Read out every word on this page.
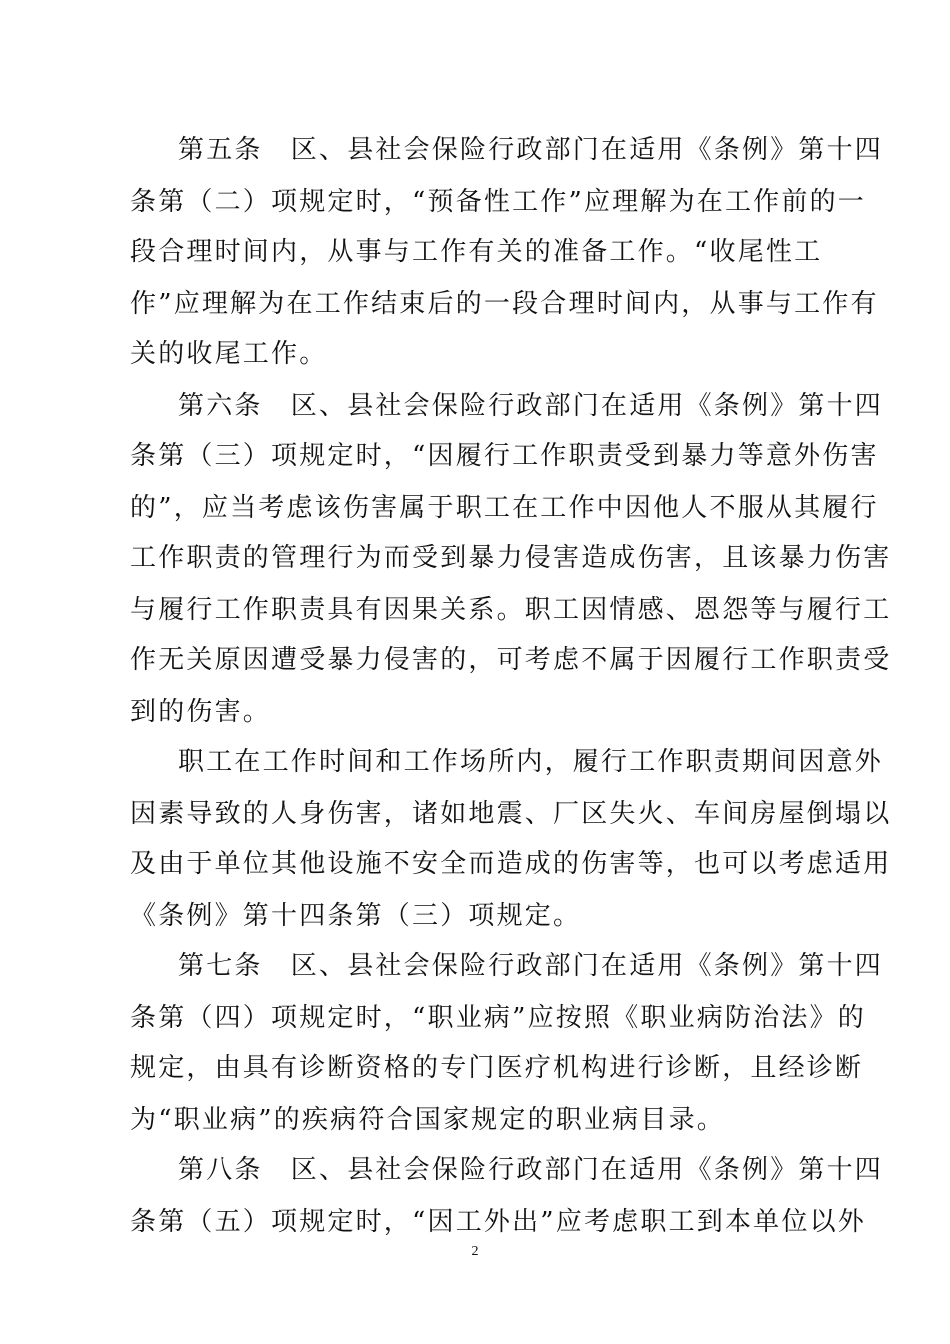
第五条　区、县社会保险行政部门在适用《条例》第十四
条第（二）项规定时，“预备性工作”应理解为在工作前的一
段合理时间内，从事与工作有关的准备工作。“收尾性工
作”应理解为在工作结束后的一段合理时间内，从事与工作有
关的收尾工作。
第六条　区、县社会保险行政部门在适用《条例》第十四
条第（三）项规定时，“因履行工作职责受到暴力等意外伤害
的”，应当考虑该伤害属于职工在工作中因他人不服从其履行
工作职责的管理行为而受到暴力侵害造成伤害，且该暴力伤害
与履行工作职责具有因果关系。职工因情感、恩怨等与履行工
作无关原因遭受暴力侵害的，可考虑不属于因履行工作职责受
到的伤害。
职工在工作时间和工作场所内，履行工作职责期间因意外
因素导致的人身伤害，诸如地震、厂区失火、车间房屋倒塌以
及由于单位其他设施不安全而造成的伤害等，也可以考虑适用
《条例》第十四条第（三）项规定。
第七条　区、县社会保险行政部门在适用《条例》第十四
条第（四）项规定时，“职业病”应按照《职业病防治法》的
规定，由具有诊断资格的专门医疗机构进行诊断，且经诊断
为“职业病”的疾病符合国家规定的职业病目录。
第八条　区、县社会保险行政部门在适用《条例》第十四
条第（五）项规定时，“因工外出”应考虑职工到本单位以外
2
